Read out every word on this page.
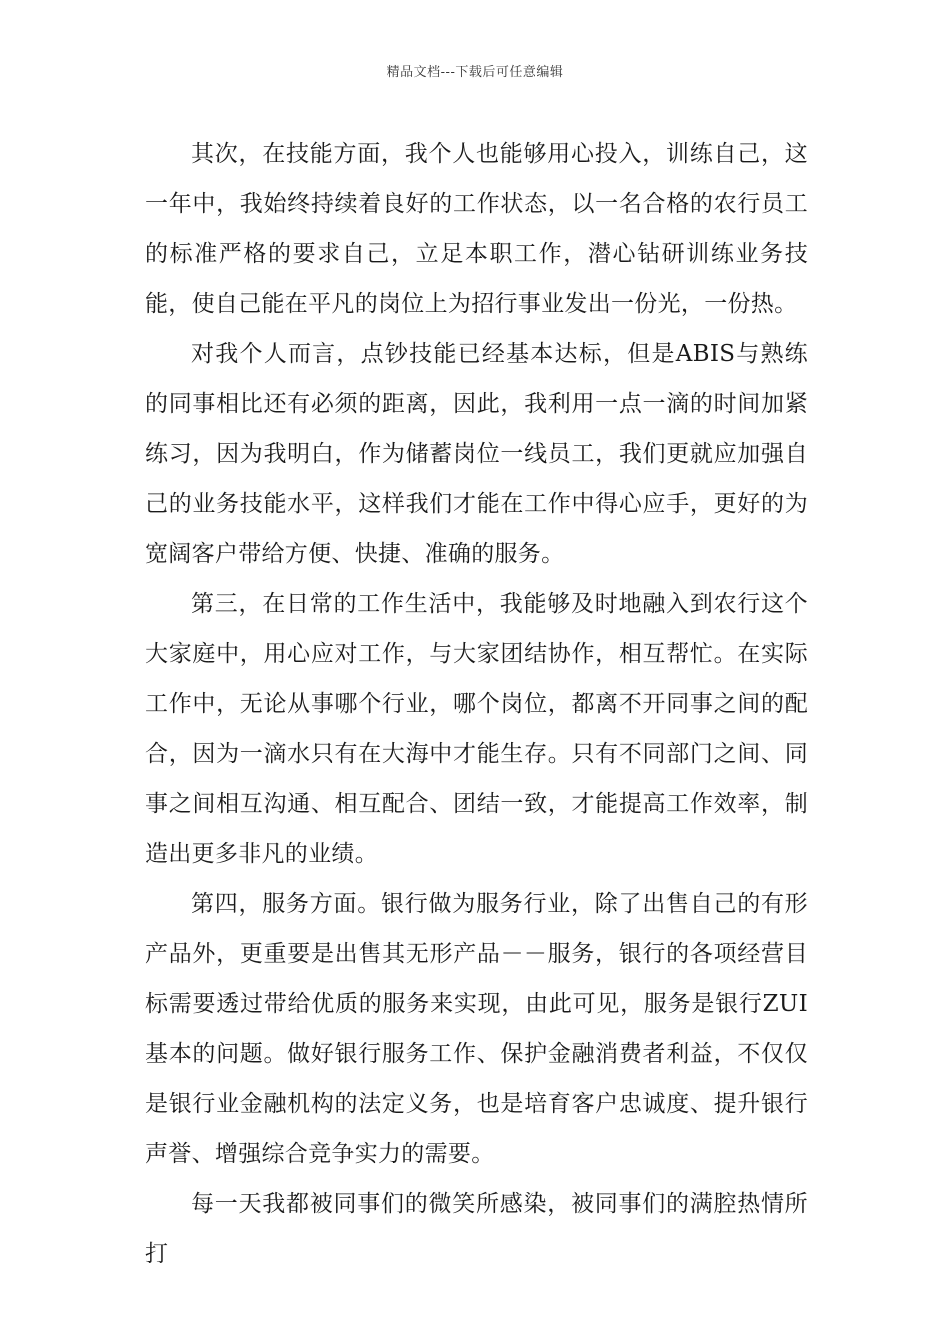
精品文档---下载后可任意编辑

其次，在技能方面，我个人也能够用心投入，训练自己，这一年中，我始终持续着良好的工作状态，以一名合格的农行员工的标准严格的要求自己，立足本职工作，潜心钻研训练业务技能，使自己能在平凡的岗位上为招行事业发出一份光，一份热。

对我个人而言，点钞技能已经基本达标，但是ABIS与熟练的同事相比还有必须的距离，因此，我利用一点一滴的时间加紧练习，因为我明白，作为储蓄岗位一线员工，我们更就应加强自己的业务技能水平，这样我们才能在工作中得心应手，更好的为宽阔客户带给方便、快捷、准确的服务。

第三，在日常的工作生活中，我能够及时地融入到农行这个大家庭中，用心应对工作，与大家团结协作，相互帮忙。在实际工作中，无论从事哪个行业，哪个岗位，都离不开同事之间的配合，因为一滴水只有在大海中才能生存。只有不同部门之间、同事之间相互沟通、相互配合、团结一致，才能提高工作效率，制造出更多非凡的业绩。

第四，服务方面。银行做为服务行业，除了出售自己的有形产品外，更重要是出售其无形产品－－服务，银行的各项经营目标需要透过带给优质的服务来实现，由此可见，服务是银行ZUI基本的问题。做好银行服务工作、保护金融消费者利益，不仅仅是银行业金融机构的法定义务，也是培育客户忠诚度、提升银行声誉、增强综合竞争实力的需要。

每一天我都被同事们的微笑所感染，被同事们的满腔热情所打
